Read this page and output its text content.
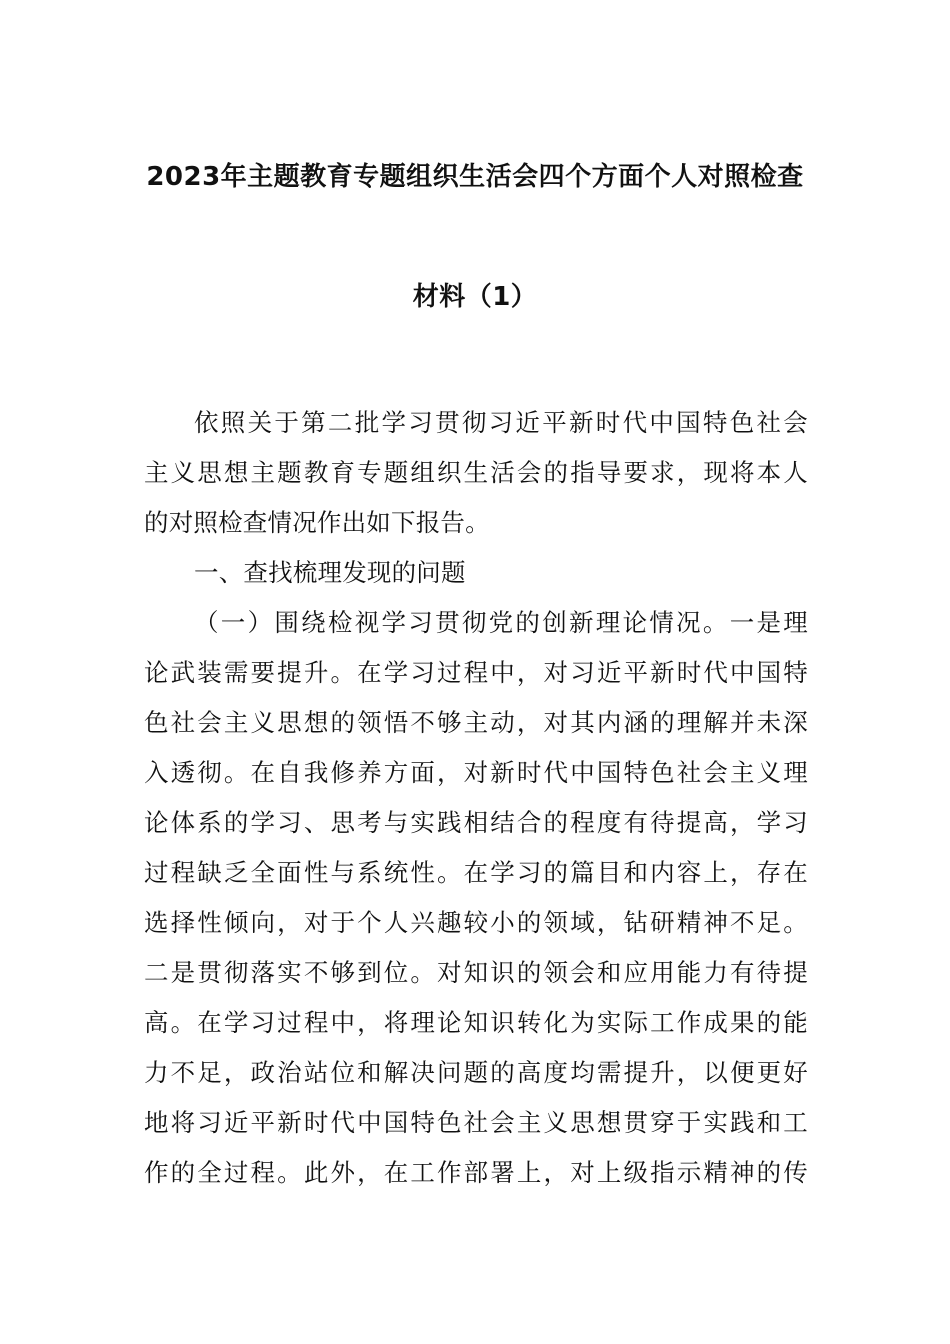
2023年主题教育专题组织生活会四个方面个人对照检查
材料（1）
依照关于第二批学习贯彻习近平新时代中国特色社会
主义思想主题教育专题组织生活会的指导要求，现将本人
的对照检查情况作出如下报告。
一、查找梳理发现的问题
（一）围绕检视学习贯彻党的创新理论情况。一是理
论武装需要提升。在学习过程中，对习近平新时代中国特
色社会主义思想的领悟不够主动，对其内涵的理解并未深
入透彻。在自我修养方面，对新时代中国特色社会主义理
论体系的学习、思考与实践相结合的程度有待提高，学习
过程缺乏全面性与系统性。在学习的篇目和内容上，存在
选择性倾向，对于个人兴趣较小的领域，钻研精神不足。
二是贯彻落实不够到位。对知识的领会和应用能力有待提
高。在学习过程中，将理论知识转化为实际工作成果的能
力不足，政治站位和解决问题的高度均需提升，以便更好
地将习近平新时代中国特色社会主义思想贯穿于实践和工
作的全过程。此外，在工作部署上，对上级指示精神的传
